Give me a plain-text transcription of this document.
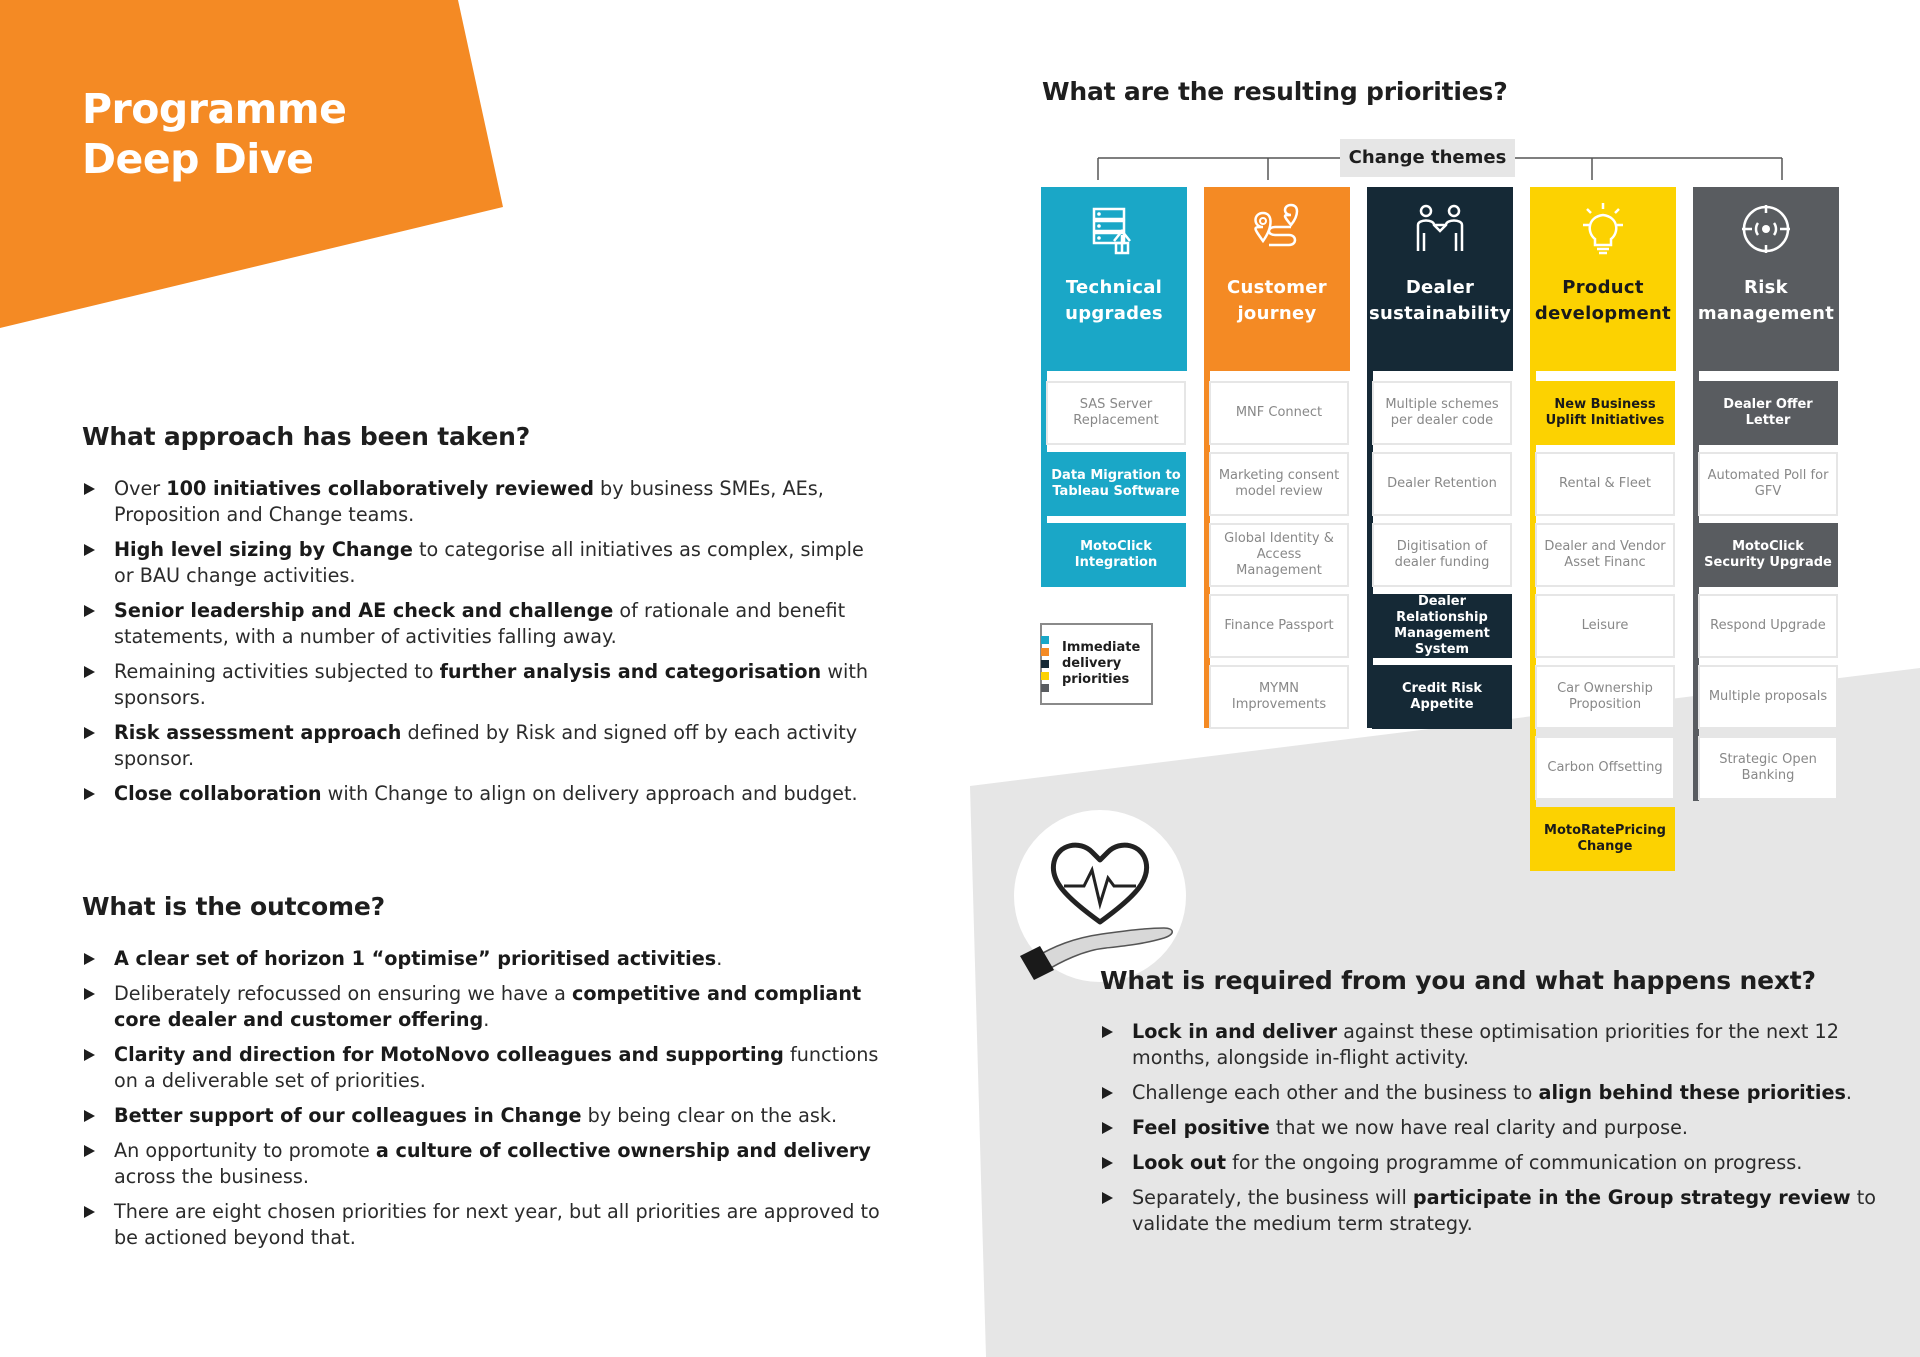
Programme
Deep Dive
What approach has been taken?
Over 100 initiatives collaboratively reviewed by business SMEs, AEs, Proposition and Change teams.
High level sizing by Change to categorise all initiatives as complex, simple or BAU change activities.
Senior leadership and AE check and challenge of rationale and benefit statements, with a number of activities falling away.
Remaining activities subjected to further analysis and categorisation with sponsors.
Risk assessment approach defined by Risk and signed off by each activity sponsor.
Close collaboration with Change to align on delivery approach and budget.
What is the outcome?
A clear set of horizon 1 “optimise” prioritised activities.
Deliberately refocussed on ensuring we have a competitive and compliant core dealer and customer offering.
Clarity and direction for MotoNovo colleagues and supporting functions on a deliverable set of priorities.
Better support of our colleagues in Change by being clear on the ask.
An opportunity to promote a culture of collective ownership and delivery across the business.
There are eight chosen priorities for next year, but all priorities are approved to be actioned beyond that.
What are the resulting priorities?
Change themes
Technical
upgrades
SAS Server Replacement
Data Migration to Tableau Software
MotoClick Integration
Customer
journey
MNF Connect
Marketing consent model review
Global Identity & Access Management
Finance Passport
MYMN Improvements
Dealer
sustainability
Multiple schemes per dealer code
Dealer Retention
Digitisation of dealer funding
Dealer Relationship Management System
Credit Risk Appetite
Product
development
New Business Uplift Initiatives
Rental & Fleet
Dealer and Vendor Asset Financ
Leisure
Car Ownership Proposition
Carbon Offsetting
MotoRatePricing Change
Risk
management
Dealer Offer Letter
Automated Poll for GFV
MotoClick Security Upgrade
Respond Upgrade
Multiple proposals
Strategic Open Banking
Immediate delivery priorities
What is required from you and what happens next?
Lock in and deliver against these optimisation priorities for the next 12 months, alongside in-flight activity.
Challenge each other and the business to align behind these priorities.
Feel positive that we now have real clarity and purpose.
Look out for the ongoing programme of communication on progress.
Separately, the business will participate in the Group strategy review to validate the medium term strategy.
